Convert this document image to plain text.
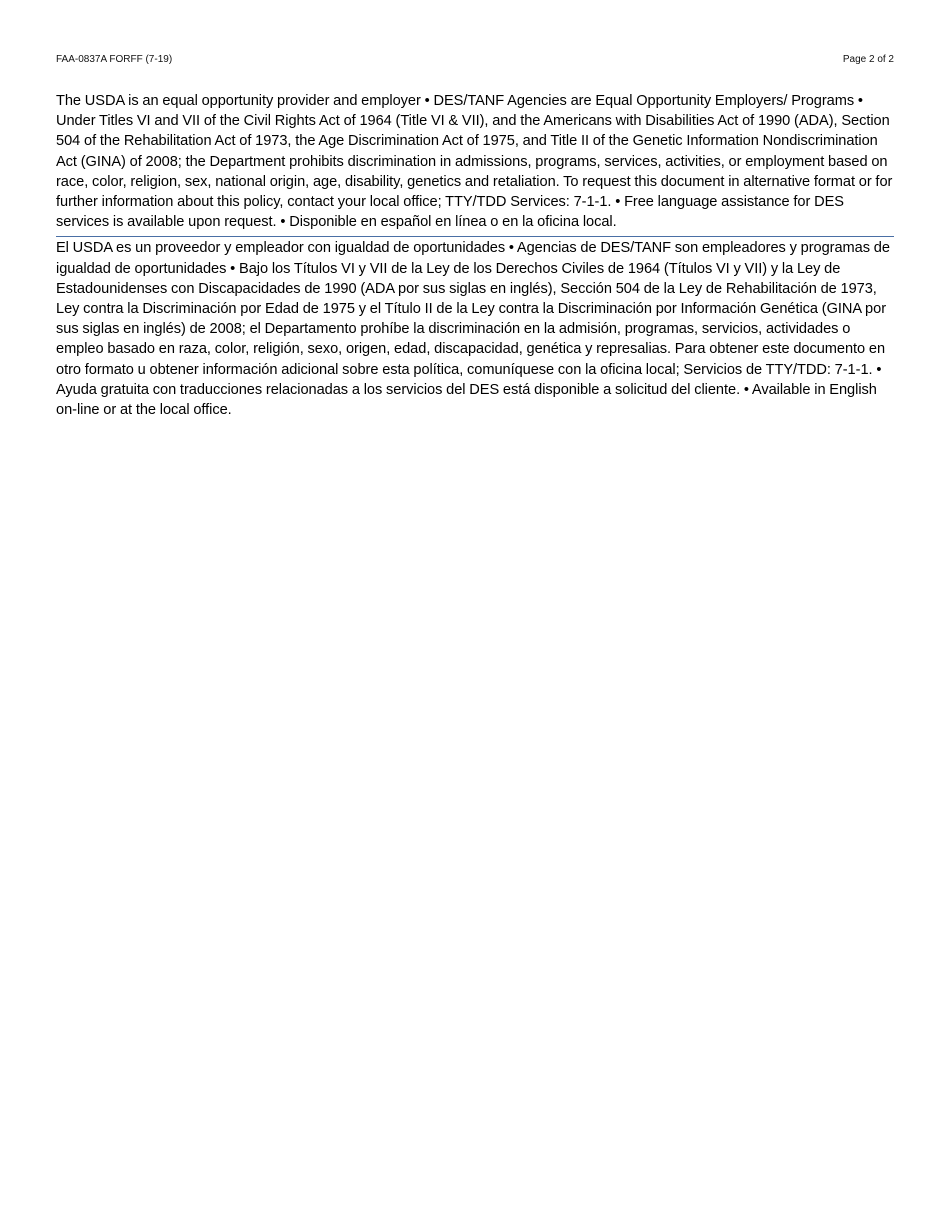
FAA-0837A FORFF (7-19)	Page 2 of 2

The USDA is an equal opportunity provider and employer • DES/TANF Agencies are Equal Opportunity Employers/ Programs • Under Titles VI and VII of the Civil Rights Act of 1964 (Title VI & VII), and the Americans with Disabilities Act of 1990 (ADA), Section 504 of the Rehabilitation Act of 1973, the Age Discrimination Act of 1975, and Title II of the Genetic Information Nondiscrimination Act (GINA) of 2008; the Department prohibits discrimination in admissions, programs, services, activities, or employment based on race, color, religion, sex, national origin, age, disability, genetics and retaliation. To request this document in alternative format or for further information about this policy, contact your local office; TTY/TDD Services: 7-1-1. • Free language assistance for DES services is available upon request. • Disponible en español en línea o en la oficina local.

El USDA es un proveedor y empleador con igualdad de oportunidades • Agencias de DES/TANF son empleadores y programas de igualdad de oportunidades • Bajo los Títulos VI y VII de la Ley de los Derechos Civiles de 1964 (Títulos VI y VII) y la Ley de Estadounidenses con Discapacidades de 1990 (ADA por sus siglas en inglés), Sección 504 de la Ley de Rehabilitación de 1973, Ley contra la Discriminación por Edad de 1975 y el Título II de la Ley contra la Discriminación por Información Genética (GINA por sus siglas en inglés) de 2008; el Departamento prohíbe la discriminación en la admisión, programas, servicios, actividades o empleo basado en raza, color, religión, sexo, origen, edad, discapacidad, genética y represalias. Para obtener este documento en otro formato u obtener información adicional sobre esta política, comuníquese con la oficina local; Servicios de TTY/TDD: 7-1-1. • Ayuda gratuita con traducciones relacionadas a los servicios del DES está disponible a solicitud del cliente. • Available in English on-line or at the local office.
